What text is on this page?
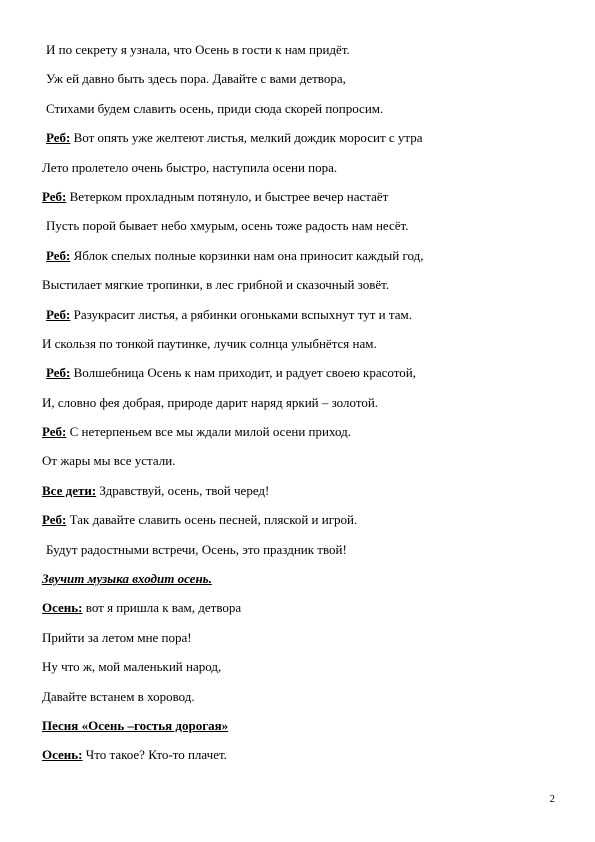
И по секрету я узнала, что Осень в гости к нам придёт.
Уж ей давно быть здесь пора. Давайте с вами детвора,
Стихами будем славить осень, приди сюда скорей попросим.
Реб: Вот опять уже желтеют листья, мелкий дождик моросит с утра
Лето пролетело очень быстро, наступила осени пора.
Реб: Ветерком прохладным потянуло, и быстрее вечер настаёт
Пусть порой бывает небо хмурым, осень тоже радость нам несёт.
Реб: Яблок спелых полные корзинки нам она приносит каждый год,
Выстилает мягкие тропинки, в лес грибной и сказочный зовёт.
Реб: Разукрасит листья, а рябинки огоньками вспыхнут тут и там.
И скользя по тонкой паутинке, лучик солнца улыбнётся нам.
Реб: Волшебница Осень к нам приходит, и радует своею красотой,
И, словно фея добрая, природе дарит наряд яркий – золотой.
Реб: С нетерпеньем все мы ждали милой осени приход.
От жары мы все устали.
Все дети: Здравствуй, осень, твой черед!
Реб: Так давайте славить осень песней, пляской и игрой.
Будут радостными встречи, Осень, это праздник твой!
Звучит музыка входит осень.
Осень: вот я пришла к вам, детвора
Прийти за летом мне пора!
Ну что ж, мой маленький народ,
Давайте встанем в хоровод.
Песня «Осень –гостья дорогая»
Осень: Что такое? Кто-то плачет.
2
